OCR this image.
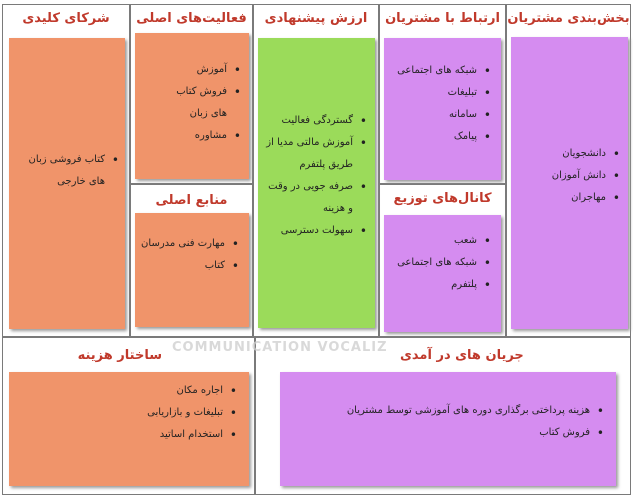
بخش‌بندی مشتریان
• دانشجویان
• دانش آموزان
• مهاجران
ارتباط با مشتریان
• شبکه های اجتماعی
• تبلیغات
• سامانه
• پیامک
کانال‌های توزیع
• شعب
• شبکه های اجتماعی
• پلتفرم
ارزش پیشنهادی
• گستردگی فعالیت
• آموزش مالتی مدیا از طریق پلتفرم
• صرفه جویی در وقت و هزینه
• سهولت دسترسی
فعالیت‌های اصلی
• آموزش
• فروش کتاب های زبان
• مشاوره
منابع اصلی
• مهارت فنی مدرسان
• کتاب
شرکای کلیدی
• کتاب فروشی زبان های خارجی
ساختار هزینه
• اجاره مکان
• تبلیغات و بازاریابی
• استخدام اساتید
جریان های در آمدی
• هزینه پرداختی برگذاری دوره های آموزشی توسط مشتریان
• فروش کتاب
COMMUNICATION VOCALIZ
